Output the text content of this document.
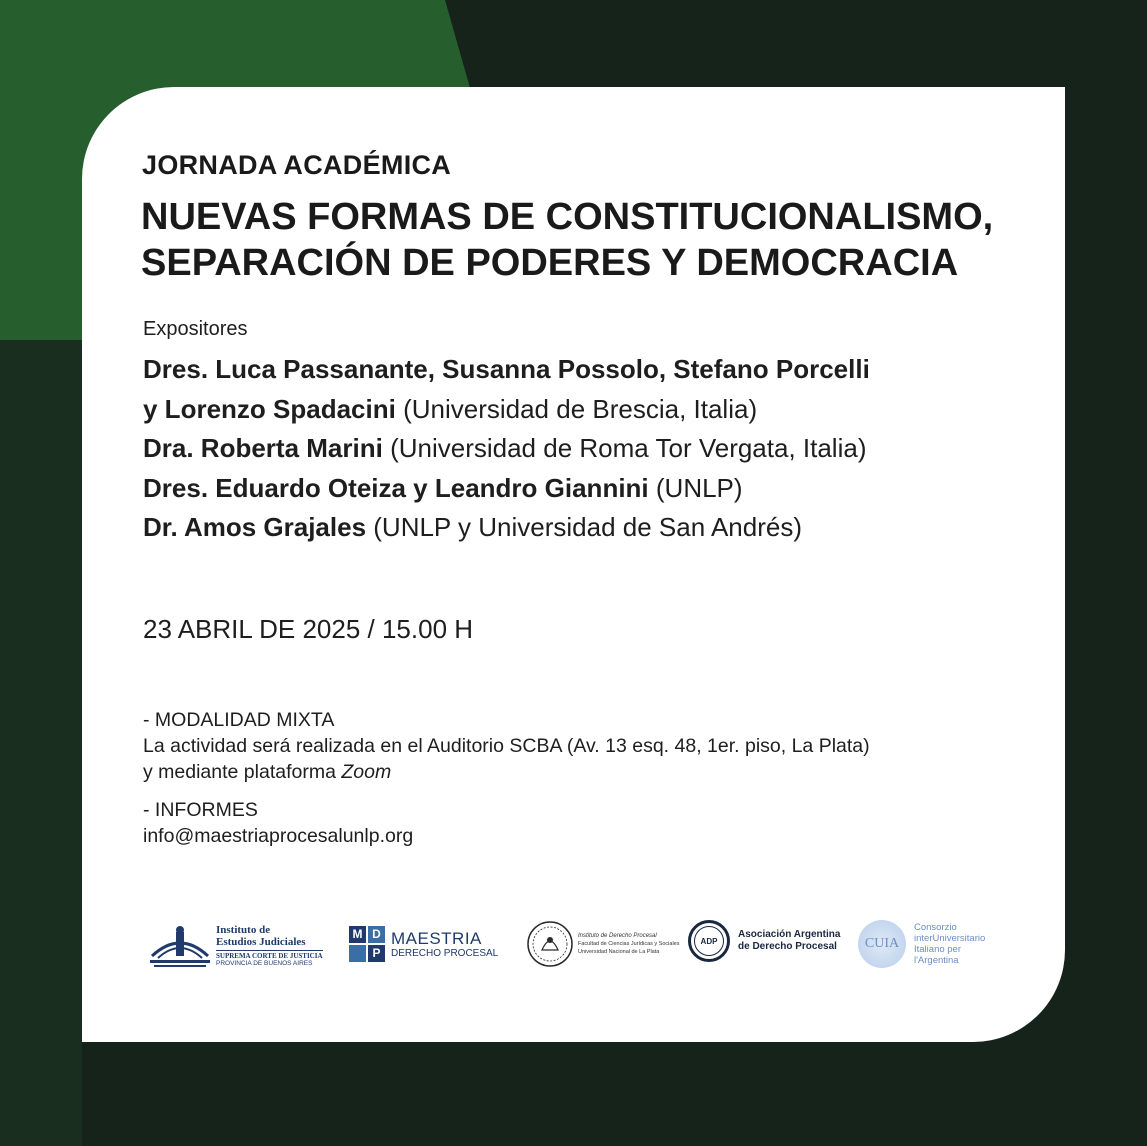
JORNADA ACADÉMICA
NUEVAS FORMAS DE CONSTITUCIONALISMO,
SEPARACIÓN DE PODERES Y DEMOCRACIA
Expositores
Dres. Luca Passanante, Susanna Possolo, Stefano Porcelli
y Lorenzo Spadacini (Universidad de Brescia, Italia)
Dra. Roberta Marini (Universidad de Roma Tor Vergata, Italia)
Dres. Eduardo Oteiza y Leandro Giannini (UNLP)
Dr. Amos Grajales (UNLP y Universidad de San Andrés)
23 ABRIL DE 2025 / 15.00 H
- MODALIDAD MIXTA
La actividad será realizada en el Auditorio SCBA (Av. 13 esq. 48, 1er. piso, La Plata)
y mediante plataforma Zoom
- INFORMES
info@maestriaprocesalunlp.org
Instituto de
Estudios Judiciales
SUPREMA CORTE DE JUSTICIA
PROVINCIA DE BUENOS AIRES
M D
P
MAESTRIA
DERECHO PROCESAL
Instituto de Derecho Procesal
Facultad de Ciencias Jurídicas y Sociales
Universidad Nacional de La Plata
ADP
Asociación Argentina
de Derecho Procesal CUIA
Consorzio
interUniversitario
Italiano per
l'Argentina
